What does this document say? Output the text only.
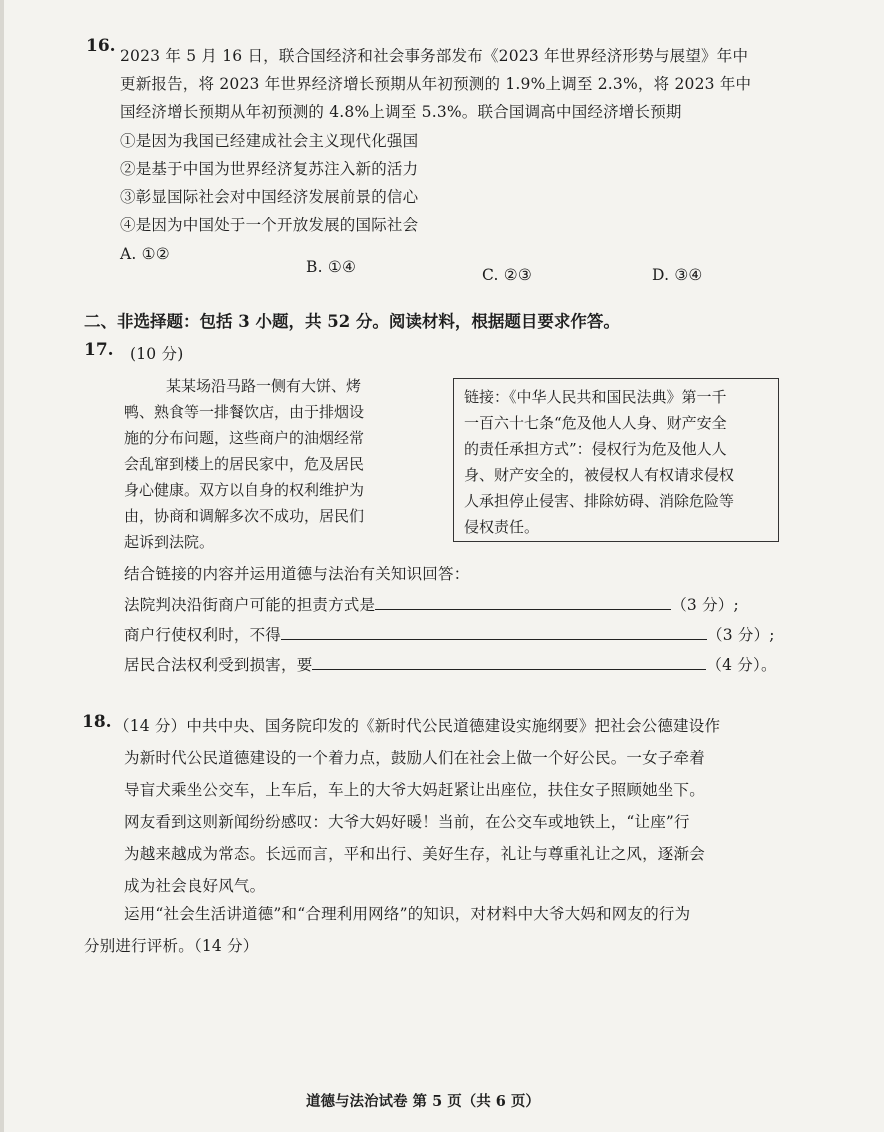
16. 2023 年 5 月 16 日，联合国经济和社会事务部发布《2023 年世界经济形势与展望》年中
更新报告，将 2023 年世界经济增长预期从年初预测的 1.9%上调至 2.3%，将 2023 年中
国经济增长预期从年初预测的 4.8%上调至 5.3%。联合国调高中国经济增长预期
①是因为我国已经建成社会主义现代化强国
②是基于中国为世界经济复苏注入新的活力
③彰显国际社会对中国经济发展前景的信心
④是因为中国处于一个开放发展的国际社会
A. ①②
B. ①④	C. ②③	D. ③④
二、非选择题：包括 3 小题，共 52 分。阅读材料，根据题目要求作答。
17. (10 分)
某某场沿马路一侧有大饼、烤
鸭、熟食等一排餐饮店，由于排烟设
施的分布问题，这些商户的油烟经常
会乱窜到楼上的居民家中，危及居民
身心健康。双方以自身的权利维护为
由，协商和调解多次不成功，居民们
起诉到法院。
链接：《中华人民共和国民法典》第一千
一百六十七条“危及他人人身、财产安全
的责任承担方式”：侵权行为危及他人人
身、财产安全的，被侵权人有权请求侵权
人承担停止侵害、排除妨碍、消除危险等
侵权责任。
结合链接的内容并运用道德与法治有关知识回答：
法院判决沿街商户可能的担责方式是	（3 分）;
商户行使权利时，不得	（3 分）;
居民合法权利受到损害，要	（4 分）。
18. （14 分）中共中央、国务院印发的《新时代公民道德建设实施纲要》把社会公德建设作
为新时代公民道德建设的一个着力点，鼓励人们在社会上做一个好公民。一女子牵着
导盲犬乘坐公交车，上车后，车上的大爷大妈赶紧让出座位，扶住女子照顾她坐下。
网友看到这则新闻纷纷感叹：大爷大妈好暖！当前，在公交车或地铁上，“让座”行
为越来越成为常态。长远而言，平和出行、美好生存，礼让与尊重礼让之风，逐渐会
成为社会良好风气。
运用“社会生活讲道德”和“合理利用网络”的知识，对材料中大爷大妈和网友的行为
分别进行评析。（14 分）
道德与法治试卷 第 5 页（共 6 页）
